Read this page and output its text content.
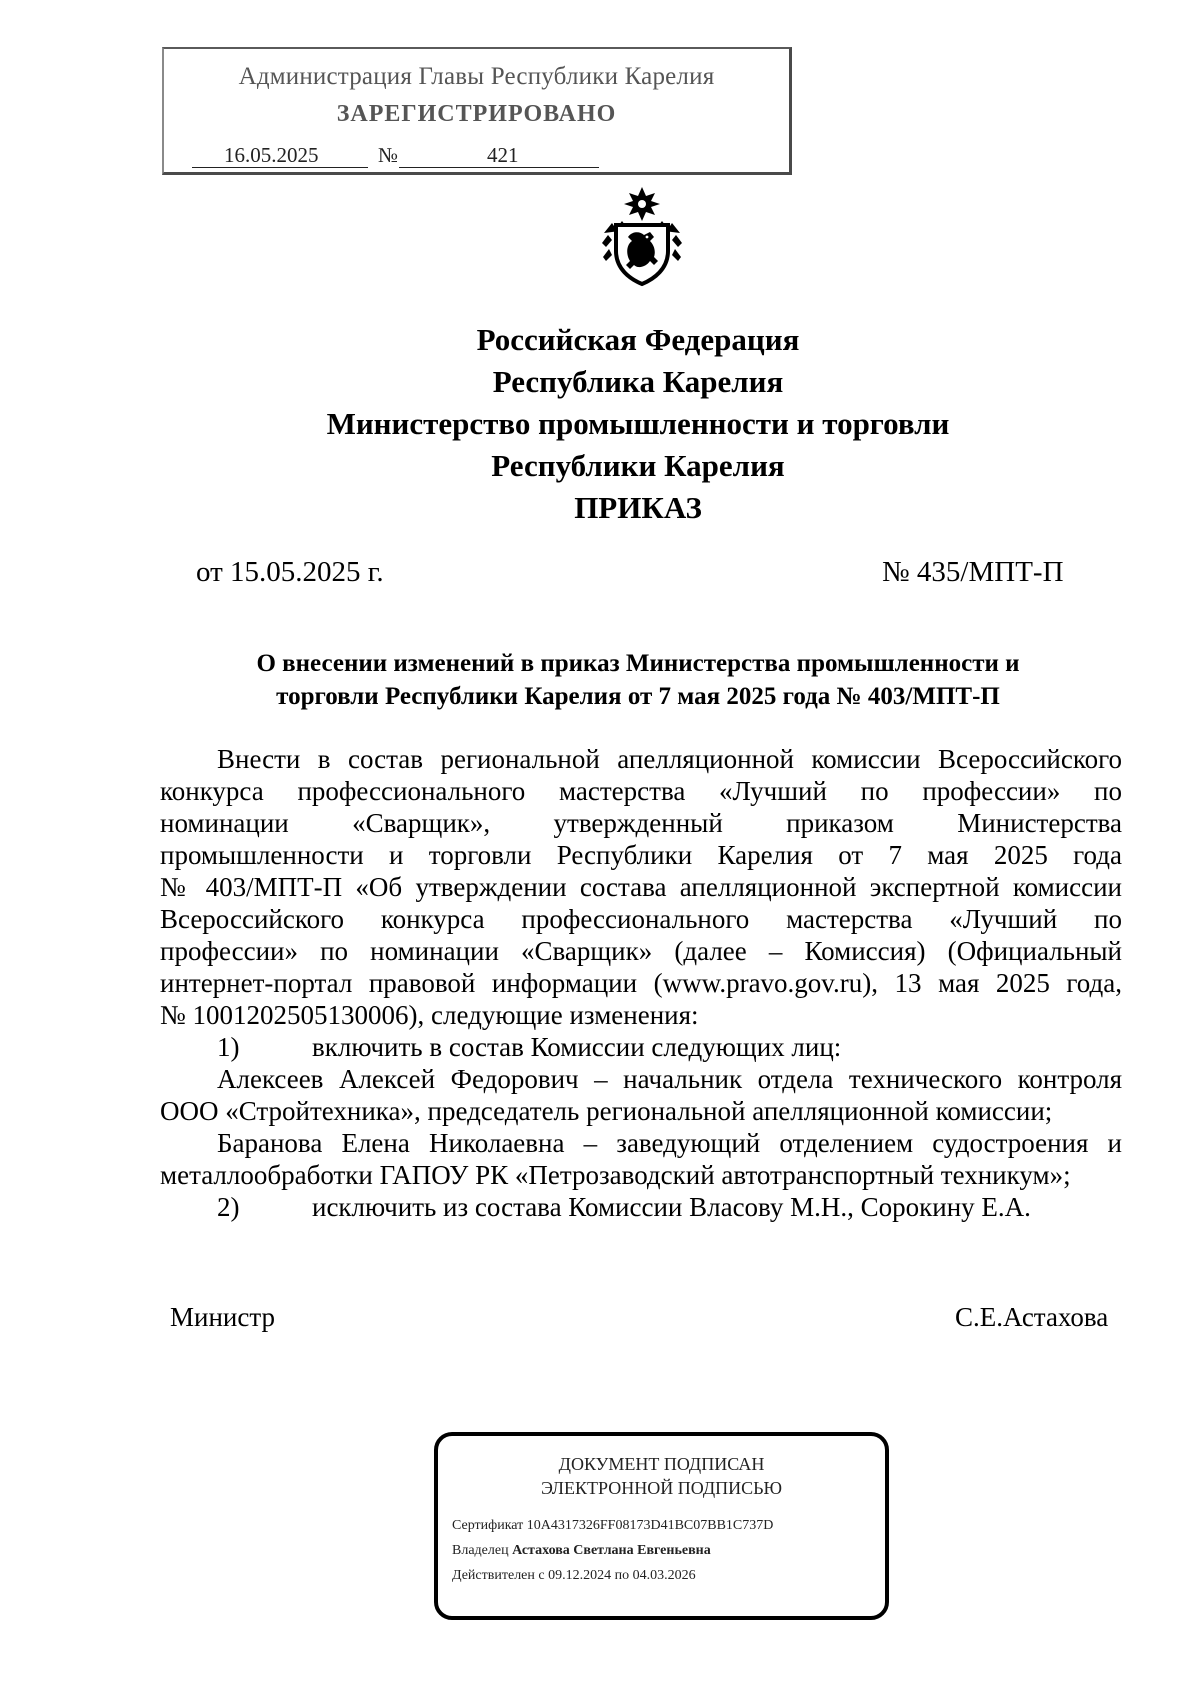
Администрация Главы Республики Карелия
ЗАРЕГИСТРИРОВАНО
16.05.2025	№	421
Российская Федерация
Республика Карелия
Министерство промышленности и торговли
Республики Карелия
ПРИКАЗ
от 15.05.2025 г.	№ 435/МПТ-П
О внесении изменений в приказ Министерства промышленности и
торговли Республики Карелия от 7 мая 2025 года № 403/МПТ-П
Внести в состав региональной апелляционной комиссии Всероссийского
конкурса профессионального мастерства «Лучший по профессии» по
номинации «Сварщик», утвержденный приказом Министерства
промышленности и торговли Республики Карелия от 7 мая 2025 года
№ 403/МПТ-П «Об утверждении состава апелляционной экспертной комиссии
Всероссийского конкурса профессионального мастерства «Лучший по
профессии» по номинации «Сварщик» (далее – Комиссия) (Официальный
интернет-портал правовой информации (www.pravo.gov.ru), 13 мая 2025 года,
№ 1001202505130006), следующие изменения:
1)	включить в состав Комиссии следующих лиц:
Алексеев Алексей Федорович – начальник отдела технического контроля
ООО «Стройтехника», председатель региональной апелляционной комиссии;
Баранова Елена Николаевна – заведующий отделением судостроения и
металлообработки ГАПОУ РК «Петрозаводский автотранспортный техникум»;
2)	исключить из состава Комиссии Власову М.Н., Сорокину Е.А.
Министр	С.Е.Астахова
ДОКУМЕНТ ПОДПИСАН
ЭЛЕКТРОННОЙ ПОДПИСЬЮ
Сертификат 10A4317326FF08173D41BC07BB1C737D
Владелец Астахова Светлана Евгеньевна
Действителен с 09.12.2024 по 04.03.2026
